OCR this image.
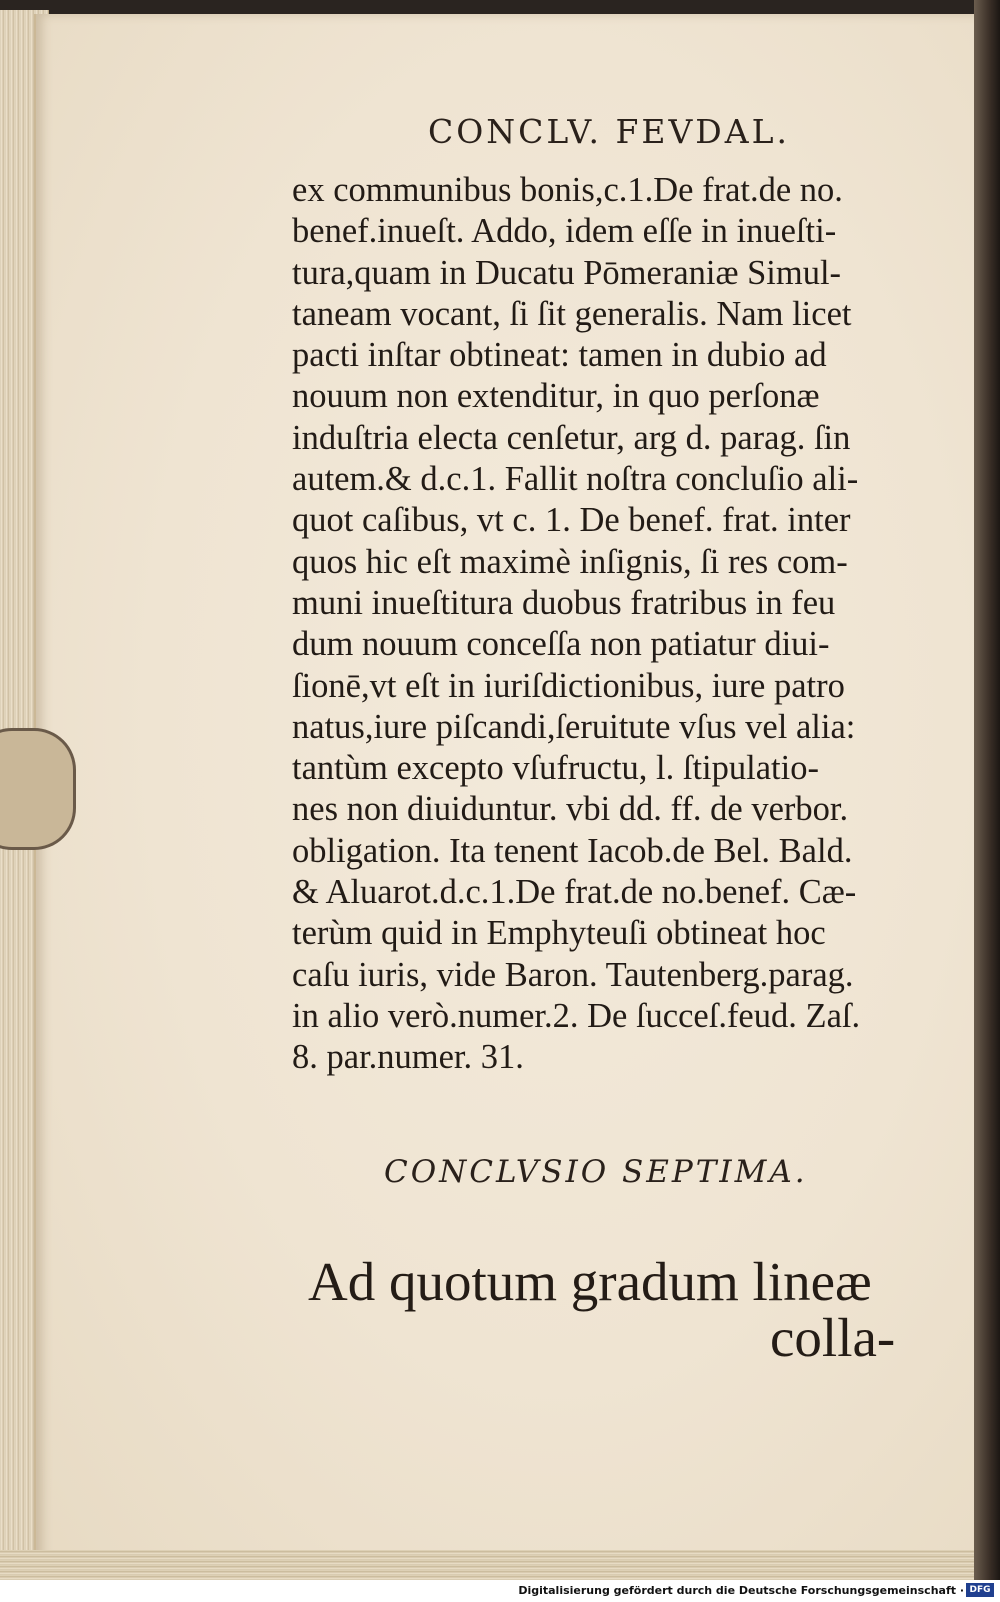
CONCLV. FEVDAL.
ex communibus bonis,c.1.De frat.de no.
benef.inueſt. Addo, idem eſſe in inueſti-
tura,quam in Ducatu Pōmeraniæ Simul-
taneam vocant, ſi ſit generalis. Nam licet
pacti inſtar obtineat: tamen in dubio ad
nouum non extenditur, in quo perſonæ
induſtria electa cenſetur, arg d. parag. ſin
autem.& d.c.1. Fallit noſtra concluſio ali-
quot caſibus, vt c. 1. De benef. frat. inter
quos hic eſt maximè inſignis, ſi res com-
muni inueſtitura duobus fratribus in feu
dum nouum conceſſa non patiatur diui-
ſionē,vt eſt in iuriſdictionibus, iure patro
natus,iure piſcandi,ſeruitute vſus vel alia:
tantùm excepto vſufructu, l. ſtipulatio-
nes non diuiduntur. vbi dd. ff. de verbor.
obligation. Ita tenent Iacob.de Bel. Bald.
& Aluarot.d.c.1.De frat.de no.benef. Cæ-
terùm quid in Emphyteuſi obtineat hoc
caſu iuris, vide Baron. Tautenberg.parag.
in alio verò.numer.2. De ſucceſ.feud. Zaſ.
8. par.numer. 31.
CONCLVSIO SEPTIMA.
Ad quotum gradum lineæ
colla-
Digitalisierung gefördert durch die Deutsche Forschungsgemeinschaft · DFG
